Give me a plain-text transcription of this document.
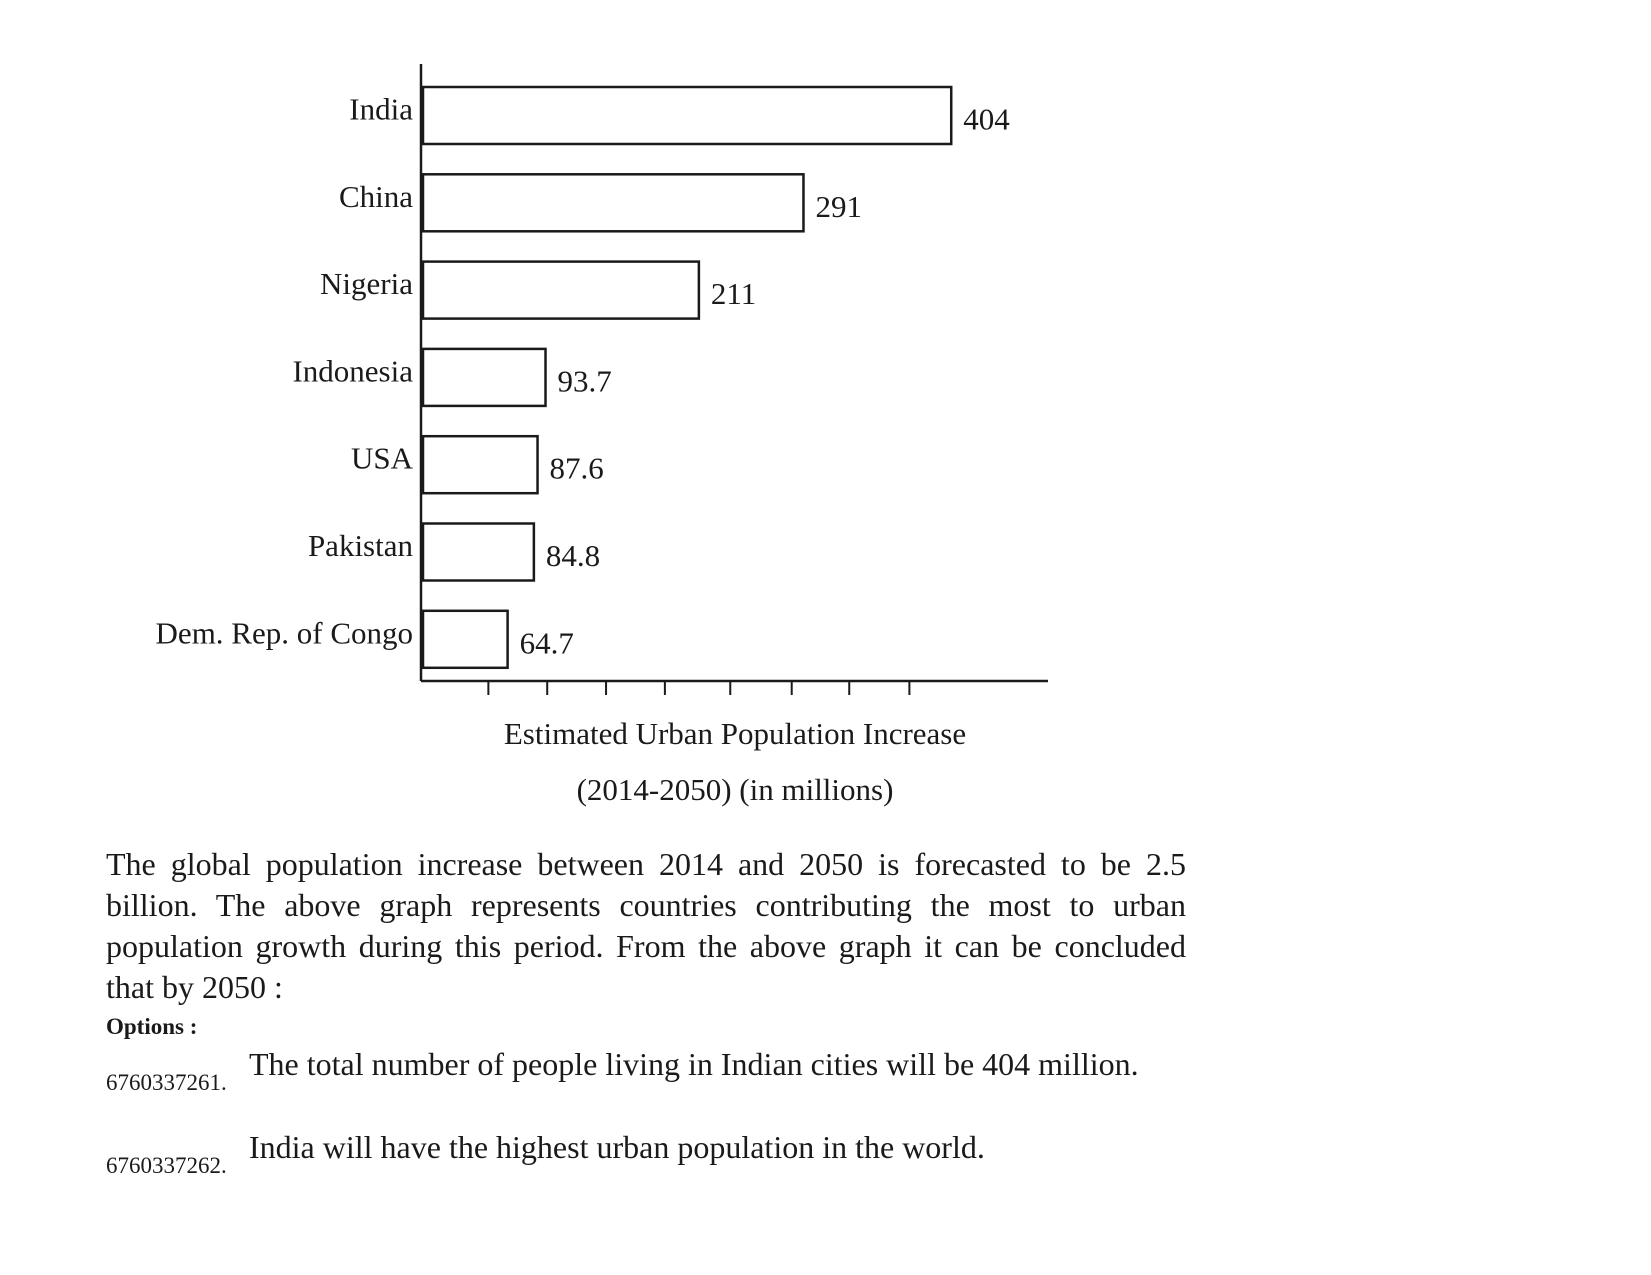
India	404
China	291
Nigeria	211
Indonesia	93.7
USA	87.6
Pakistan	84.8
Dem. Rep. of Congo	64.7
Estimated Urban Population Increase
(2014-2050) (in millions)

The global population increase between 2014 and 2050 is forecasted to be 2.5 billion. The above graph represents countries contributing the most to urban population growth during this period. From the above graph it can be concluded that by 2050 :

Options :

6760337261.
The total number of people living in Indian cities will be 404 million.
6760337262.
India will have the highest urban population in the world.
